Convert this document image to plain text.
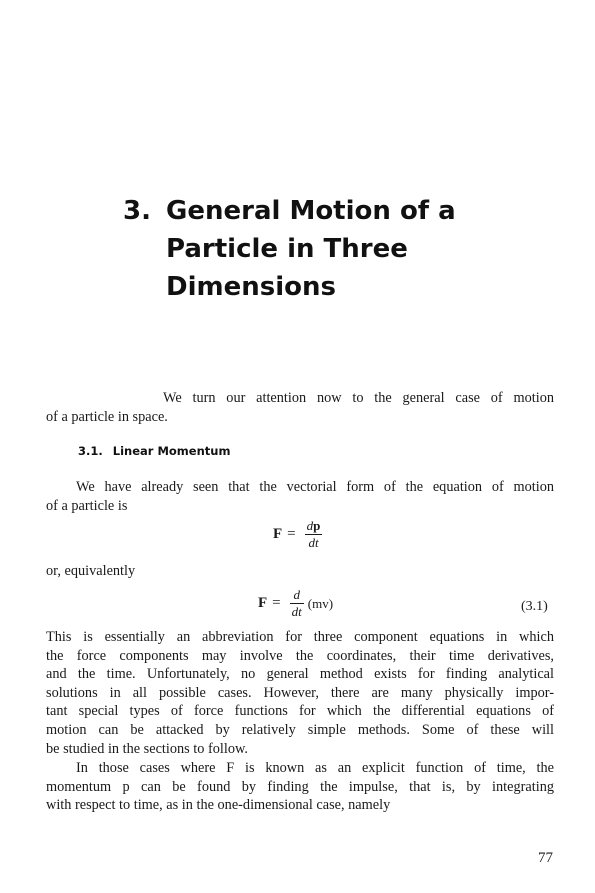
3. General Motion of a
Particle in Three
Dimensions
We turn our attention now to the general case of motion
of a particle in space.
3.1. Linear Momentum
We have already seen that the vectorial form of the equation of motion
of a particle is
$F = \frac{dp}{dt}$
or, equivalently
$F = \frac{d}{dt} (mv)$	(3.1)
This is essentially an abbreviation for three component equations in which
the force components may involve the coordinates, their time derivatives,
and the time. Unfortunately, no general method exists for finding analytical
solutions in all possible cases. However, there are many physically impor-
tant special types of force functions for which the differential equations of
motion can be attacked by relatively simple methods. Some of these will
be studied in the sections to follow.
In those cases where F is known as an explicit function of time, the
momentum p can be found by finding the impulse, that is, by integrating
with respect to time, as in the one-dimensional case, namely
77
